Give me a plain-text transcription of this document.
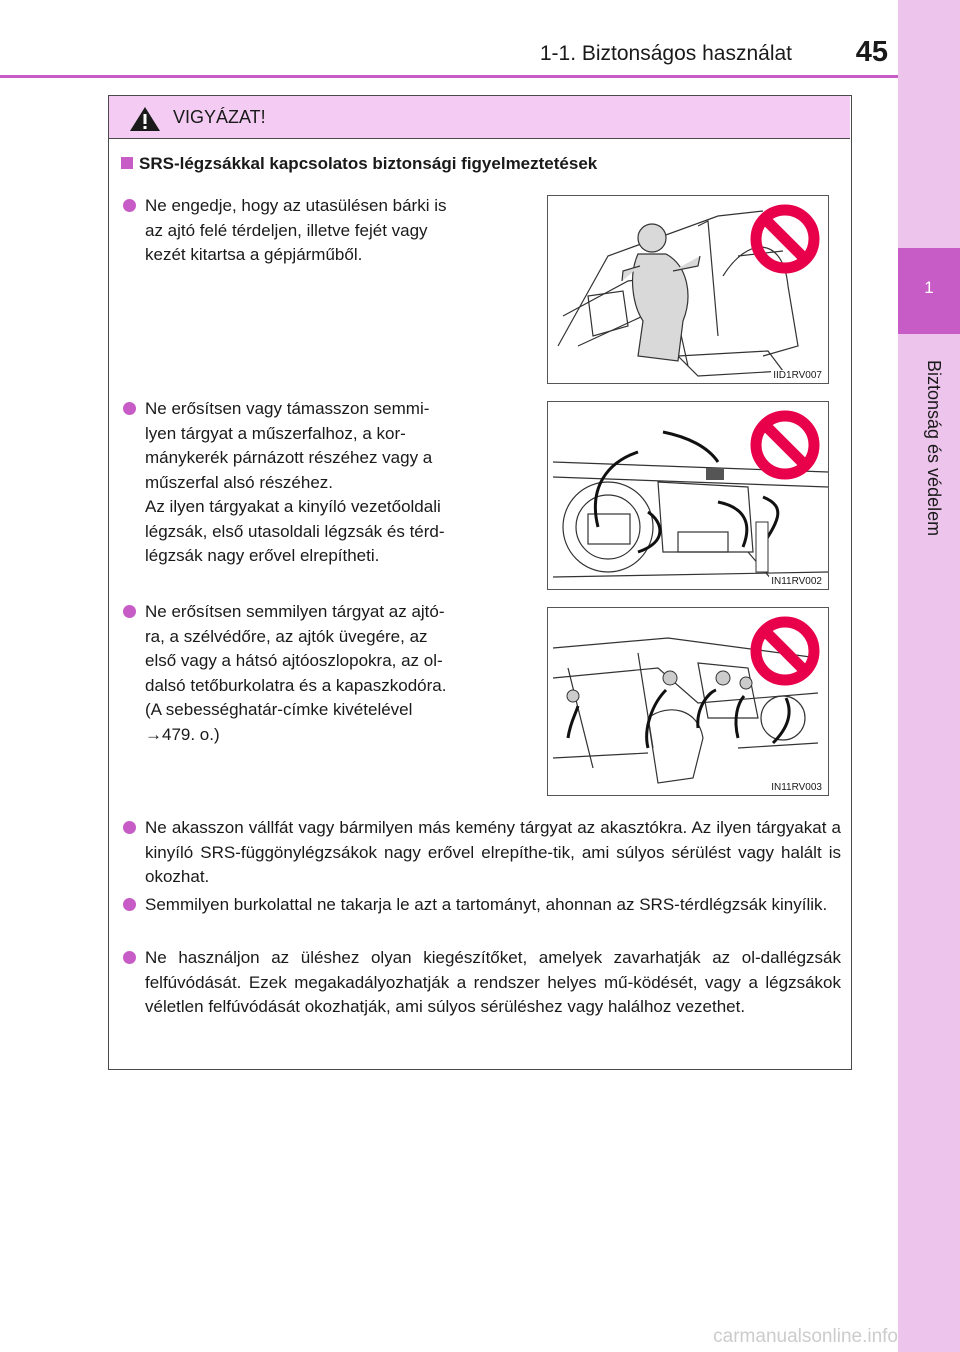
1-1. Biztonságos használat	45
1
Biztonság és védelem
VIGYÁZAT!
SRS-légzsákkal kapcsolatos biztonsági figyelmeztetések
Ne engedje, hogy az utasülésen bárki is
az ajtó felé térdeljen, illetve fejét vagy
kezét kitartsa a gépjárműből.
IID1RV007
Ne erősítsen vagy támasszon semmi-
lyen tárgyat a műszerfalhoz, a kor-
mánykerék párnázott részéhez vagy a
műszerfal alsó részéhez.
Az ilyen tárgyakat a kinyíló vezetőoldali
légzsák, első utasoldali légzsák és térd-
légzsák nagy erővel elrepítheti.
IN11RV002
Ne erősítsen semmilyen tárgyat az ajtó-
ra, a szélvédőre, az ajtók üvegére, az
első vagy a hátsó ajtóoszlopokra, az ol-
dalsó tetőburkolatra és a kapaszkodóra.
(A sebességhatár-címke kivételével
→479. o.)
IN11RV003
Ne akasszon vállfát vagy bármilyen más kemény tárgyat az akasztókra. Az ilyen tárgyakat a kinyíló SRS-függönylégzsákok nagy erővel elrepíthe-tik, ami súlyos sérülést vagy halált is okozhat.
Semmilyen burkolattal ne takarja le azt a tartományt, ahonnan az SRS-térdlégzsák kinyílik.
Ne használjon az üléshez olyan kiegészítőket, amelyek zavarhatják az ol-dallégzsák felfúvódását. Ezek megakadályozhatják a rendszer helyes mű-ködését, vagy a légzsákok véletlen felfúvódását okozhatják, ami súlyos sérüléshez vagy halálhoz vezethet.
carmanualsonline.info
